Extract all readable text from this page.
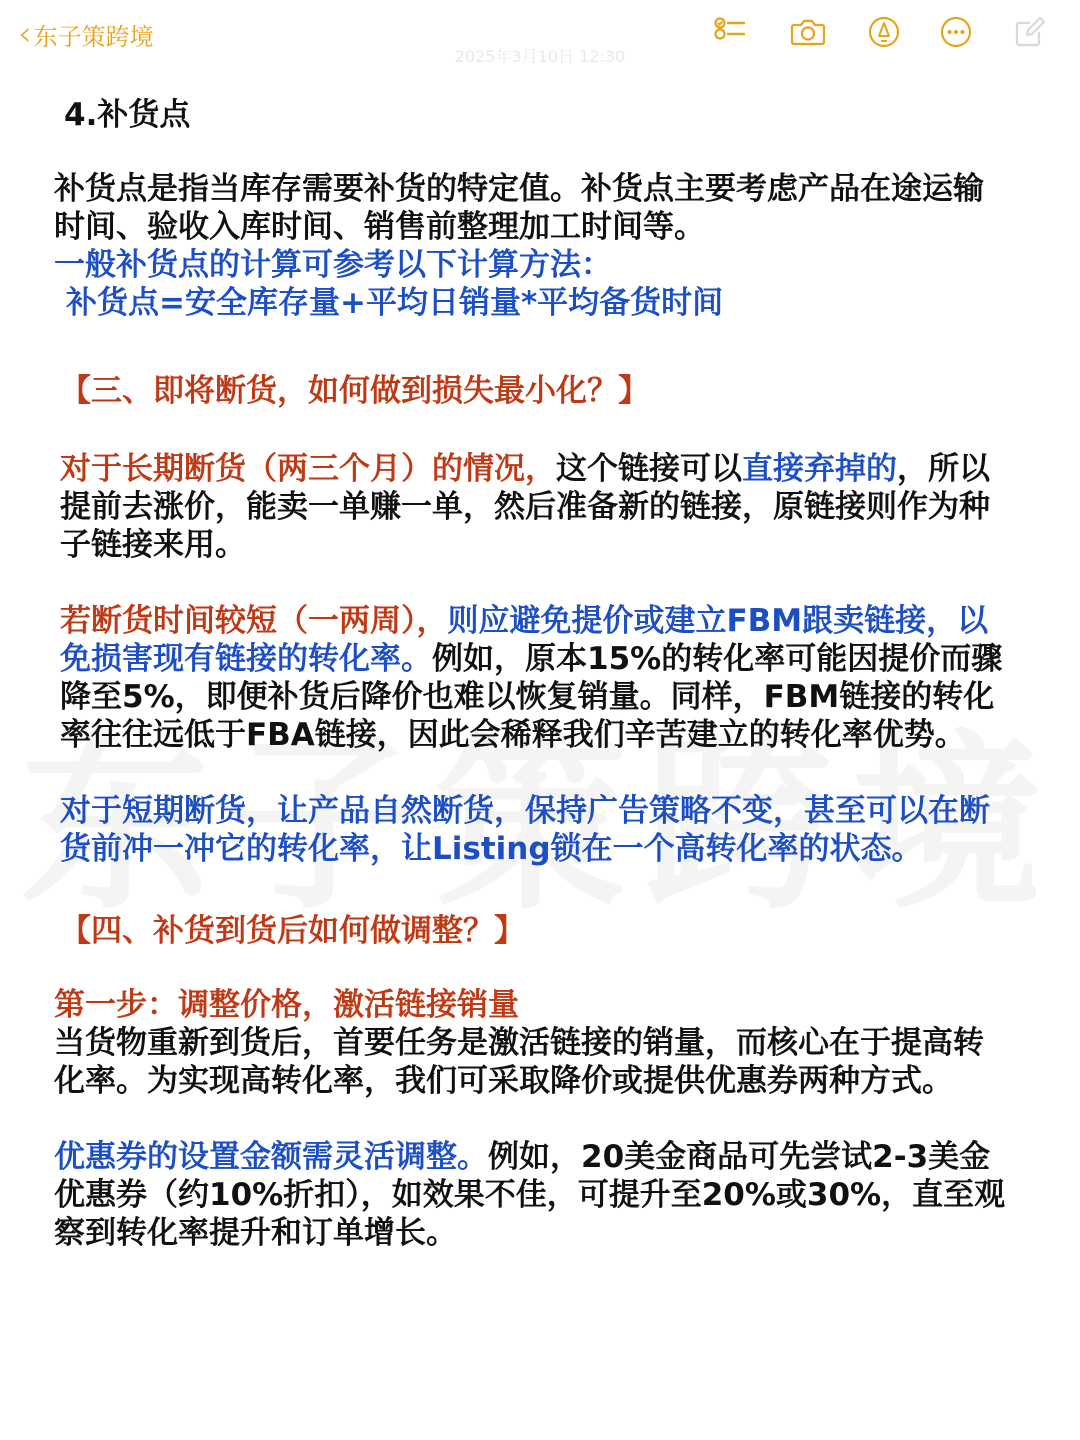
‹ 东子策跨境
2025年3月10日 12:30

4.补货点

补货点是指当库存需要补货的特定值。补货点主要考虑产品在途运输时间、验收入库时间、销售前整理加工时间等。

一般补货点的计算可参考以下计算方法：

补货点=安全库存量+平均日销量*平均备货时间

【三、即将断货，如何做到损失最小化？】

对于长期断货（两三个月）的情况，这个链接可以直接弃掉的，所以提前去涨价，能卖一单赚一单，然后准备新的链接，原链接则作为种子链接来用。

若断货时间较短（一两周），则应避免提价或建立FBM跟卖链接，以免损害现有链接的转化率。例如，原本15%的转化率可能因提价而骤降至5%，即便补货后降价也难以恢复销量。同样，FBM链接的转化率往往远低于FBA链接，因此会稀释我们辛苦建立的转化率优势。

对于短期断货，让产品自然断货，保持广告策略不变，甚至可以在断货前冲一冲它的转化率，让Listing锁在一个高转化率的状态。

【四、补货到货后如何做调整？】

第一步：调整价格，激活链接销量

当货物重新到货后，首要任务是激活链接的销量，而核心在于提高转化率。为实现高转化率，我们可采取降价或提供优惠券两种方式。

优惠券的设置金额需灵活调整。例如，20美金商品可先尝试2-3美金优惠券（约10%折扣），如效果不佳，可提升至20%或30%，直至观察到转化率提升和订单增长。
